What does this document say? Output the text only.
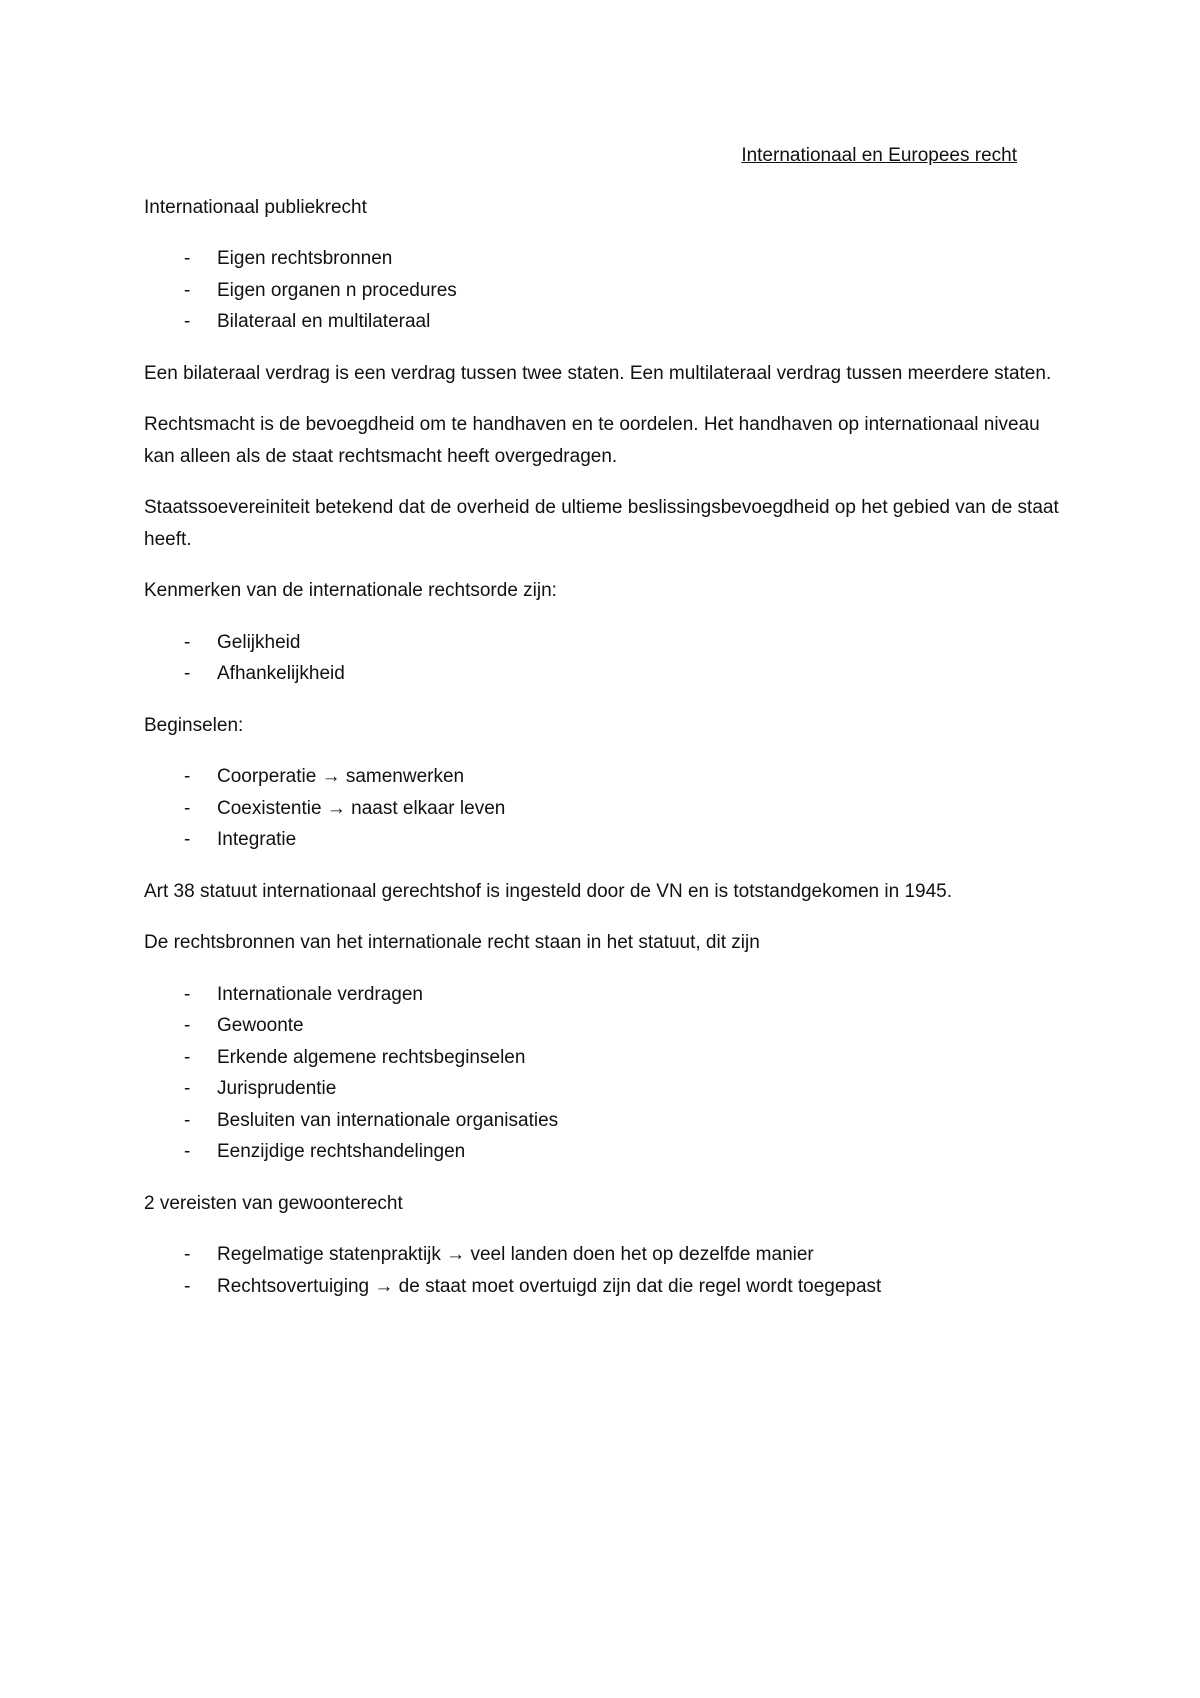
Internationaal en Europees recht
Internationaal publiekrecht
- Eigen rechtsbronnen
- Eigen organen n procedures
- Bilateraal en multilateraal
Een bilateraal verdrag is een verdrag tussen twee staten. Een multilateraal verdrag tussen meerdere staten.
Rechtsmacht is de bevoegdheid om te handhaven en te oordelen. Het handhaven op internationaal niveau kan alleen als de staat rechtsmacht heeft overgedragen.
Staatssoevereiniteit betekend dat de overheid de ultieme beslissingsbevoegdheid op het gebied van de staat heeft.
Kenmerken van de internationale rechtsorde zijn:
- Gelijkheid
- Afhankelijkheid
Beginselen:
- Coorperatie → samenwerken
- Coexistentie → naast elkaar leven
- Integratie
Art 38 statuut internationaal gerechtshof is ingesteld door de VN en is totstandgekomen in 1945.
De rechtsbronnen van het internationale recht staan in het statuut, dit zijn
- Internationale verdragen
- Gewoonte
- Erkende algemene rechtsbeginselen
- Jurisprudentie
- Besluiten van internationale organisaties
- Eenzijdige rechtshandelingen
2 vereisten van gewoonterecht
- Regelmatige statenpraktijk → veel landen doen het op dezelfde manier
- Rechtsovertuiging → de staat moet overtuigd zijn dat die regel wordt toegepast
